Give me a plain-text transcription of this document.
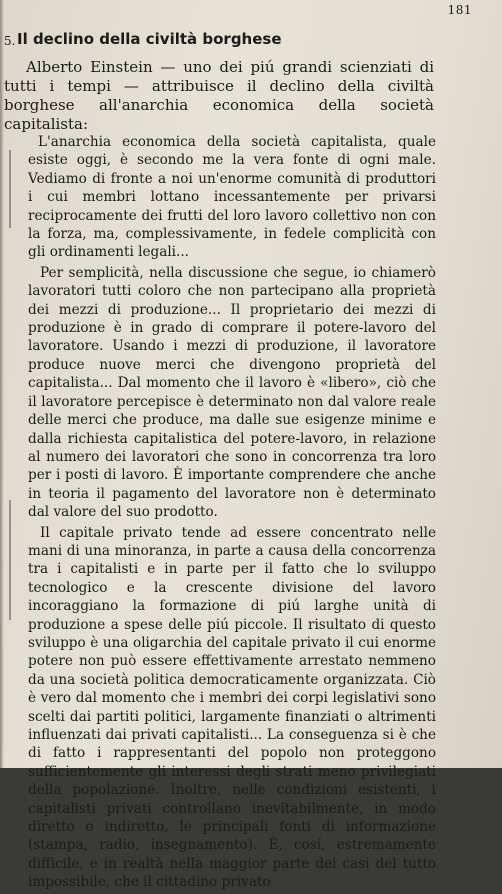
181
5. Il declino della civiltà borghese

Alberto Einstein — uno dei piú grandi scienziati di tutti i tempi — attribuisce il declino della civiltà borghese all'anarchia economica della società capitalista:

L'anarchia economica della società capitalista, quale esiste oggi, è secondo me la vera fonte di ogni male. Vediamo di fronte a noi un'enorme comunità di produttori i cui membri lottano incessantemente per privarsi reciprocamente dei frutti del loro lavoro collettivo non con la forza, ma, complessivamente, in fedele complicità con gli ordinamenti legali...

Per semplicità, nella discussione che segue, io chiamerò lavoratori tutti coloro che non partecipano alla proprietà dei mezzi di produzione... Il proprietario dei mezzi di produzione è in grado di comprare il potere-lavoro del lavoratore. Usando i mezzi di produzione, il lavoratore produce nuove merci che divengono proprietà del capitalista... Dal momento che il lavoro è «libero», ciò che il lavoratore percepisce è determinato non dal valore reale delle merci che produce, ma dalle sue esigenze minime e dalla richiesta capitalistica del potere-lavoro, in relazione al numero dei lavoratori che sono in concorrenza tra loro per i posti di lavoro. È importante comprendere che anche in teoria il pagamento del lavoratore non è determinato dal valore del suo prodotto.

Il capitale privato tende ad essere concentrato nelle mani di una minoranza, in parte a causa della concorrenza tra i capitalisti e in parte per il fatto che lo sviluppo tecnologico e la crescente divisione del lavoro incoraggiano la formazione di piú larghe unità di produzione a spese delle piú piccole. Il risultato di questo sviluppo è una oligarchia del capitale privato il cui enorme potere non può essere effettivamente arrestato nemmeno da una società politica democraticamente organizzata. Ciò è vero dal momento che i membri dei corpi legislativi sono scelti dai partiti politici, largamente finanziati o altrimenti influenzati dai privati capitalisti... La conseguenza si è che di fatto i rappresentanti del popolo non proteggono sufficientemente gli interessi degli strati meno privilegiati della popolazione. Inoltre, nelle condizioni esistenti, i capitalisti privati controllano inevitabilmente, in modo diretto o indiretto, le principali fonti di informazione (stampa, radio, insegnamento). È, cosí, estremamente difficile, e in realtà nella maggior parte dei casi del tutto impossibile, che il cittadino privato
